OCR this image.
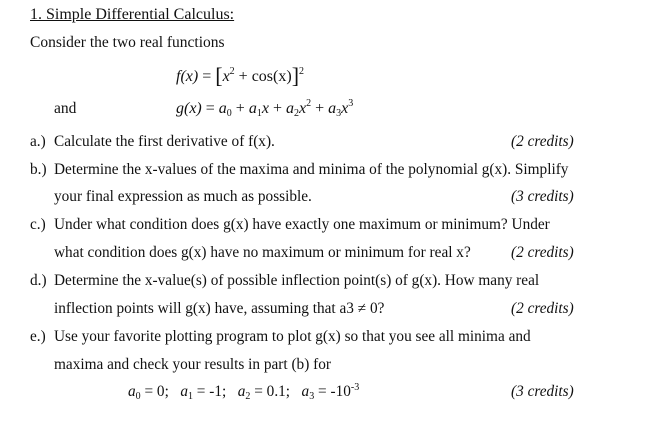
1. Simple Differential Calculus:
Consider the two real functions
$f(x) = [x^2 + \cos(x)]^2$
and	$g(x) = a_0 + a_1x + a_2x^2 + a_3x^3$
a.) Calculate the first derivative of f(x).	(2 credits)
b.) Determine the x-values of the maxima and minima of the polynomial g(x). Simplify
your final expression as much as possible.	(3 credits)
c.) Under what condition does g(x) have exactly one maximum or minimum? Under
what condition does g(x) have no maximum or minimum for real x?	(2 credits)
d.) Determine the x-value(s) of possible inflection point(s) of g(x). How many real
inflection points will g(x) have, assuming that a3 ≠ 0?	(2 credits)
e.) Use your favorite plotting program to plot g(x) so that you see all minima and
maxima and check your results in part (b) for
$a_0 = 0$; $a_1 = -1$; $a_2 = 0.1$; $a_3 = -10^{-3}$	(3 credits)
